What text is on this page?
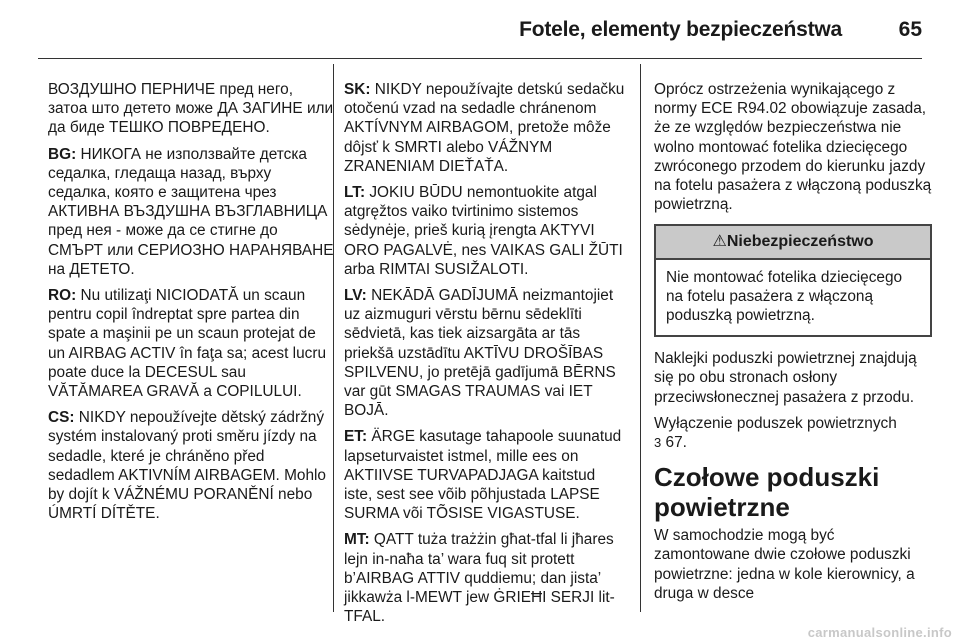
Fotele, elementy bezpieczeństwa	65

ВОЗДУШНО ПЕРНИЧЕ пред него, затоа што детето може ДА ЗАГИНЕ или да биде ТЕШКО ПОВРЕДЕНО.

BG: НИКОГА не използвайте детска седалка, гледаща назад, върху седалка, която е защитена чрез АКТИВНА ВЪЗДУШНА ВЪЗГЛАВНИЦА пред нея - може да се стигне до СМЪРТ или СЕРИОЗНО НАРАНЯВАНЕ на ДЕТЕТО.

RO: Nu utilizaţi NICIODATĂ un scaun pentru copil îndreptat spre partea din spate a maşinii pe un scaun protejat de un AIRBAG ACTIV în faţa sa; acest lucru poate duce la DECESUL sau VĂTĂMAREA GRAVĂ a COPILULUI.

CS: NIKDY nepoužívejte dětský zádržný systém instalovaný proti směru jízdy na sedadle, které je chráněno před sedadlem AKTIVNÍM AIRBAGEM. Mohlo by dojít k VÁŽNÉMU PORANĚNÍ nebo ÚMRTÍ DÍTĚTE.

SK: NIKDY nepoužívajte detskú sedačku otočenú vzad na sedadle chránenom AKTÍVNYM AIRBAGOM, pretože môže dôjsť k SMRTI alebo VÁŽNYM ZRANENIAM DIEŤAŤA.

LT: JOKIU BŪDU nemontuokite atgal atgręžtos vaiko tvirtinimo sistemos sėdynėje, prieš kurią įrengta AKTYVI ORO PAGALVĖ, nes VAIKAS GALI ŽŪTI arba RIMTAI SUSIŽALOTI.

LV: NEKĀDĀ GADĪJUMĀ neizmantojiet uz aizmuguri vērstu bērnu sēdeklīti sēdvietā, kas tiek aizsargāta ar tās priekšā uzstādītu AKTĪVU DROŠĪBAS SPILVENU, jo pretējā gadījumā BĒRNS var gūt SMAGAS TRAUMAS vai IET BOJĀ.

ET: ÄRGE kasutage tahapoole suunatud lapseturvaistet istmel, mille ees on AKTIIVSE TURVAPADJAGA kaitstud iste, sest see võib põhjustada LAPSE SURMA või TÕSISE VIGASTUSE.

MT: QATT tuża trażżin għat-tfal li jħares lejn in-naħa ta’ wara fuq sit protett b’AIRBAG ATTIV quddiemu; dan jista’ jikkawża l-MEWT jew ĠRIEĦI SERJI lit-TFAL.

Oprócz ostrzeżenia wynikającego z normy ECE R94.02 obowiązuje zasada, że ze względów bezpieczeństwa nie wolno montować fotelika dziecięcego zwróconego przodem do kierunku jazdy na fotelu pasażera z włączoną poduszką powietrzną.

⚠Niebezpieczeństwo
Nie montować fotelika dziecięcego na fotelu pasażera z włączoną poduszką powietrzną.

Naklejki poduszki powietrznej znajdują się po obu stronach osłony przeciwsłonecznej pasażera z przodu.

Wyłączenie poduszek powietrznych
3 67.

Czołowe poduszki powietrzne

W samochodzie mogą być zamontowane dwie czołowe poduszki powietrzne: jedna w kole kierownicy, a druga w desce

carmanualsonline.info
